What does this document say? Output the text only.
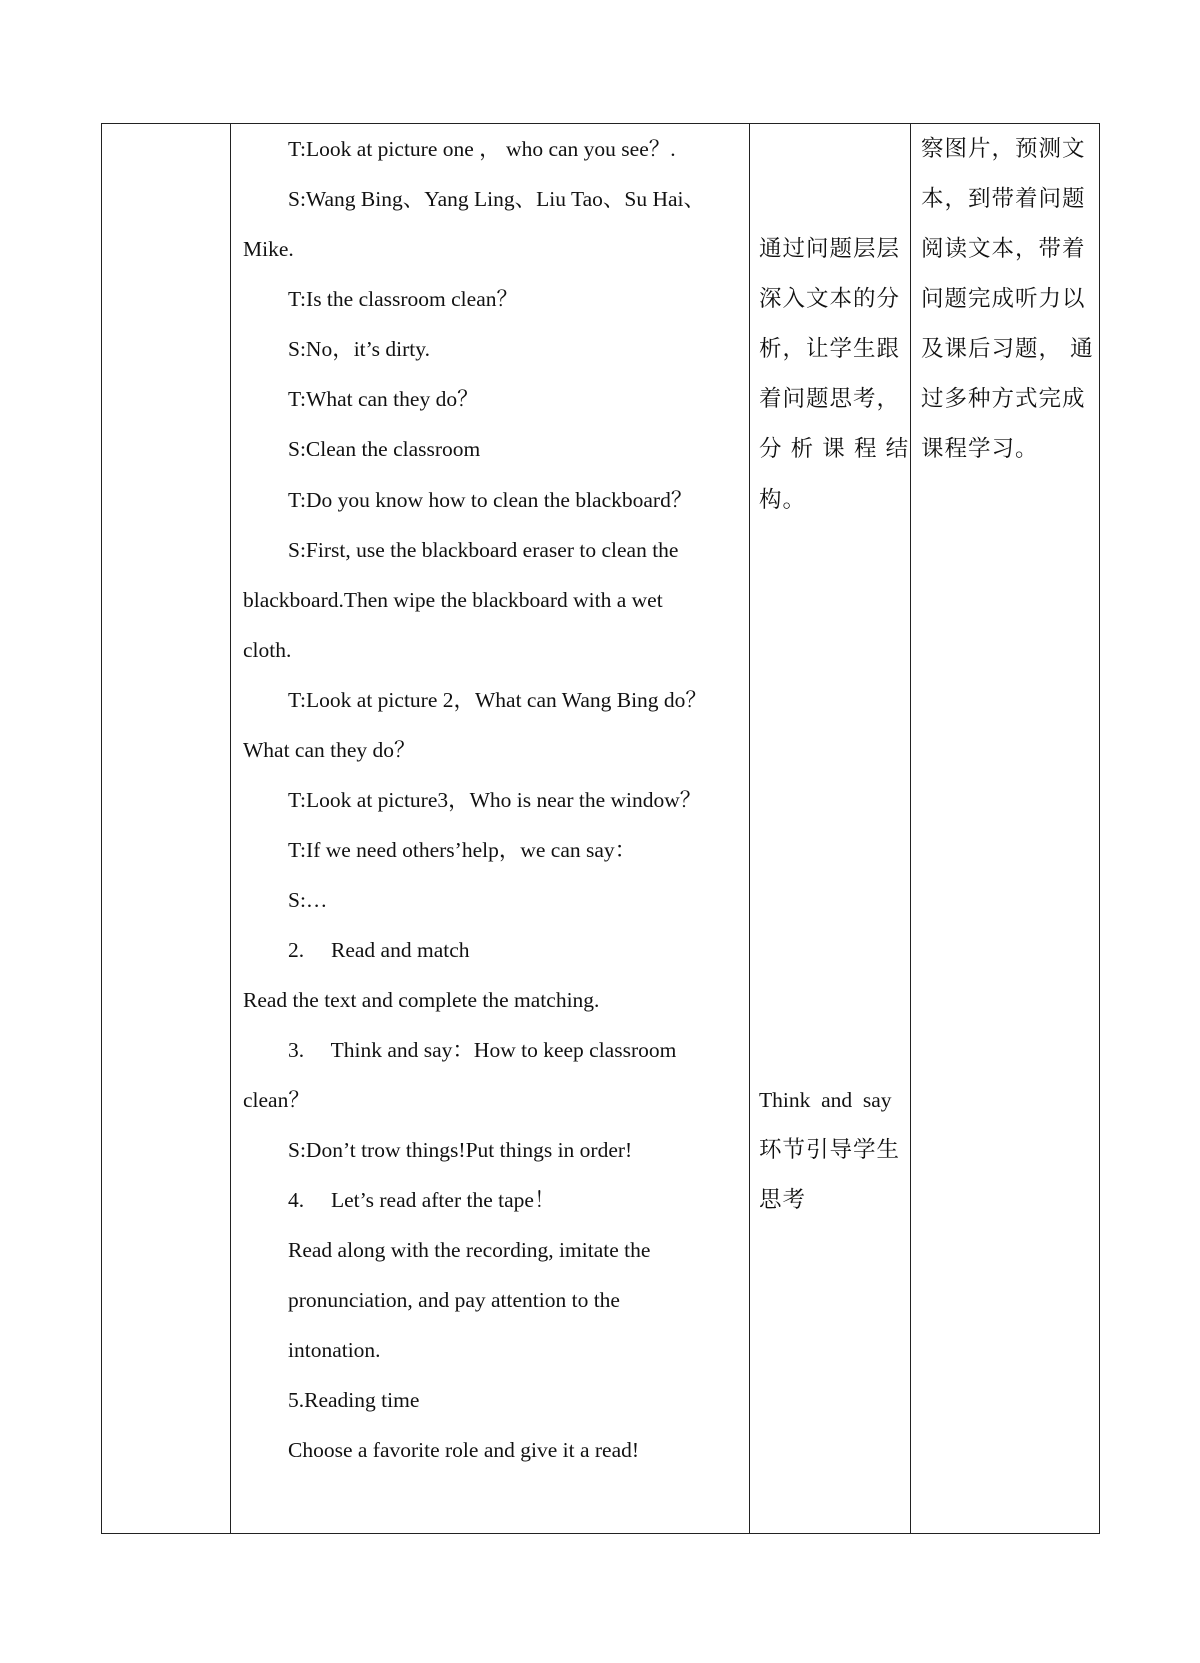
T:Look at picture one ， who can you see？.
S:Wang Bing、Yang Ling、Liu Tao、Su Hai、
Mike.
T:Is the classroom clean？
S:No，it’s dirty.
T:What can they do？
S:Clean the classroom
T:Do you know how to clean the blackboard？
S:First, use the blackboard eraser to clean the
blackboard.Then wipe the blackboard with a wet
cloth.
T:Look at picture 2，What can Wang Bing do？
What can they do？
T:Look at picture3，Who is near the window？
T:If we need others’help，we can say：
S:…
2.  Read and match
Read the text and complete the matching.
3.  Think and say：How to keep classroom
clean？
S:Don’t trow things!Put things in order!
4.  Let’s read after the tape！
Read along with the recording, imitate the
pronunciation, and pay attention to the
intonation.
5.Reading time
Choose a favorite role and give it a read!
通过问题层层
深入文本的分
析，让学生跟
着问题思考，
分 析 课 程 结
构。
Think  and  say
环节引导学生
思考
察图片，预测文
本，到带着问题
阅读文本，带着
问题完成听力以
及课后习题， 通
过多种方式完成
课程学习。
